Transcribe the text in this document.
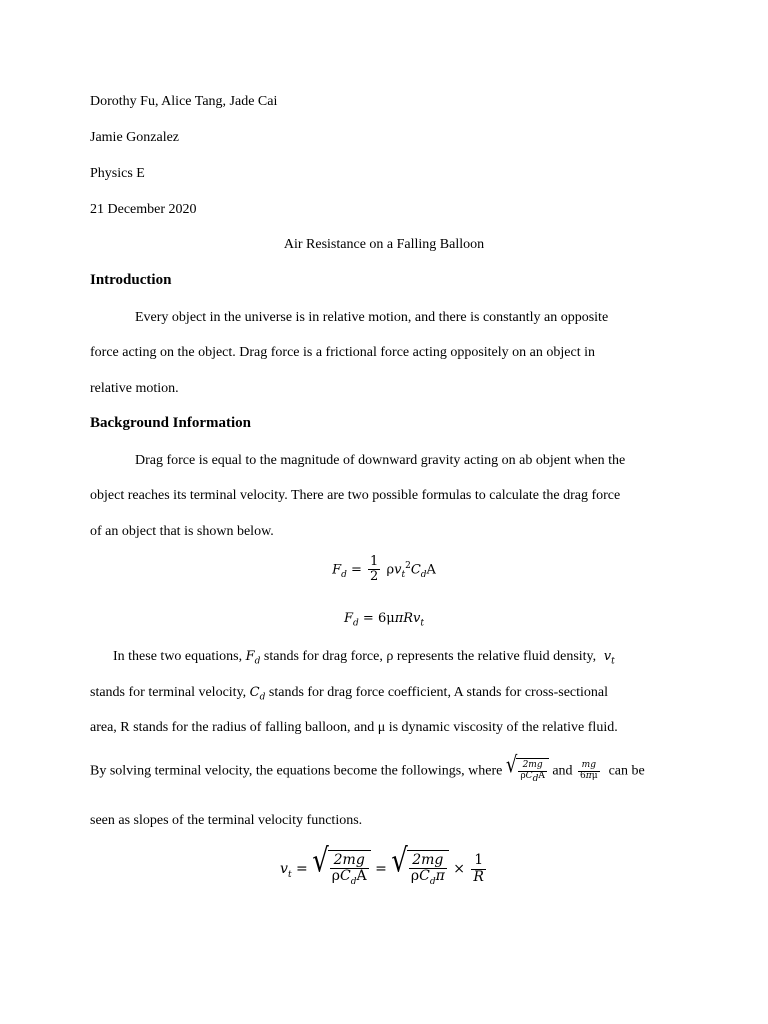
Dorothy Fu, Alice Tang, Jade Cai
Jamie Gonzalez
Physics E
21 December 2020
Air Resistance on a Falling Balloon
Introduction
Every object in the universe is in relative motion, and there is constantly an opposite
force acting on the object. Drag force is a frictional force acting oppositely on an object in
relative motion.
Background Information
Drag force is equal to the magnitude of downward gravity acting on ab objent when the
object reaches its terminal velocity. There are two possible formulas to calculate the drag force
of an object that is shown below.
$F_d = \frac{1}{2} \rho v_t^2C_dA$
$F_d = 6\mu\pi Rv_t$
In these two equations, $F_d$ stands for drag force, ρ represents the relative fluid density, $v_t$
stands for terminal velocity, $C_d$ stands for drag force coefficient, A stands for cross-sectional
area, R stands for the radius of falling balloon, and μ is dynamic viscosity of the relative fluid.
By solving terminal velocity, the equations become the followings, where √ $\frac{2mg}{\rho C_dA}$ and $\frac{mg}{6\pi\mu}$ can be
seen as slopes of the terminal velocity functions.
$v_t$ = √ $\frac{2mg}{\rho C_dA}$ = √ $\frac{2mg}{\rho C_d\pi} \times \frac{1}{R}$
